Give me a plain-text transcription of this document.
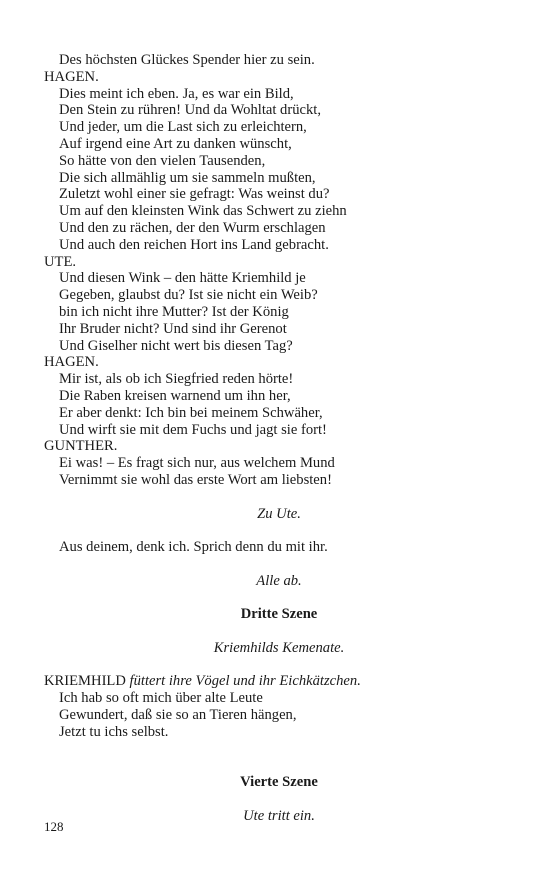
Des höchsten Glückes Spender hier zu sein.
HAGEN.
Dies meint ich eben. Ja, es war ein Bild,
Den Stein zu rühren! Und da Wohltat drückt,
Und jeder, um die Last sich zu erleichtern,
Auf irgend eine Art zu danken wünscht,
So hätte von den vielen Tausenden,
Die sich allmählig um sie sammeln mußten,
Zuletzt wohl einer sie gefragt: Was weinst du?
Um auf den kleinsten Wink das Schwert zu ziehn
Und den zu rächen, der den Wurm erschlagen
Und auch den reichen Hort ins Land gebracht.
UTE.
Und diesen Wink – den hätte Kriemhild je
Gegeben, glaubst du? Ist sie nicht ein Weib?
bin ich nicht ihre Mutter? Ist der König
Ihr Bruder nicht? Und sind ihr Gerenot
Und Giselher nicht wert bis diesen Tag?
HAGEN.
Mir ist, als ob ich Siegfried reden hörte!
Die Raben kreisen warnend um ihn her,
Er aber denkt: Ich bin bei meinem Schwäher,
Und wirft sie mit dem Fuchs und jagt sie fort!
GUNTHER.
Ei was! – Es fragt sich nur, aus welchem Mund
Vernimmt sie wohl das erste Wort am liebsten!
Zu Ute.
Aus deinem, denk ich. Sprich denn du mit ihr.
Alle ab.
Dritte Szene
Kriemhilds Kemenate.
KRIEMHILD füttert ihre Vögel und ihr Eichkätzchen.
Ich hab so oft mich über alte Leute
Gewundert, daß sie so an Tieren hängen,
Jetzt tu ichs selbst.
Vierte Szene
Ute tritt ein.
128
